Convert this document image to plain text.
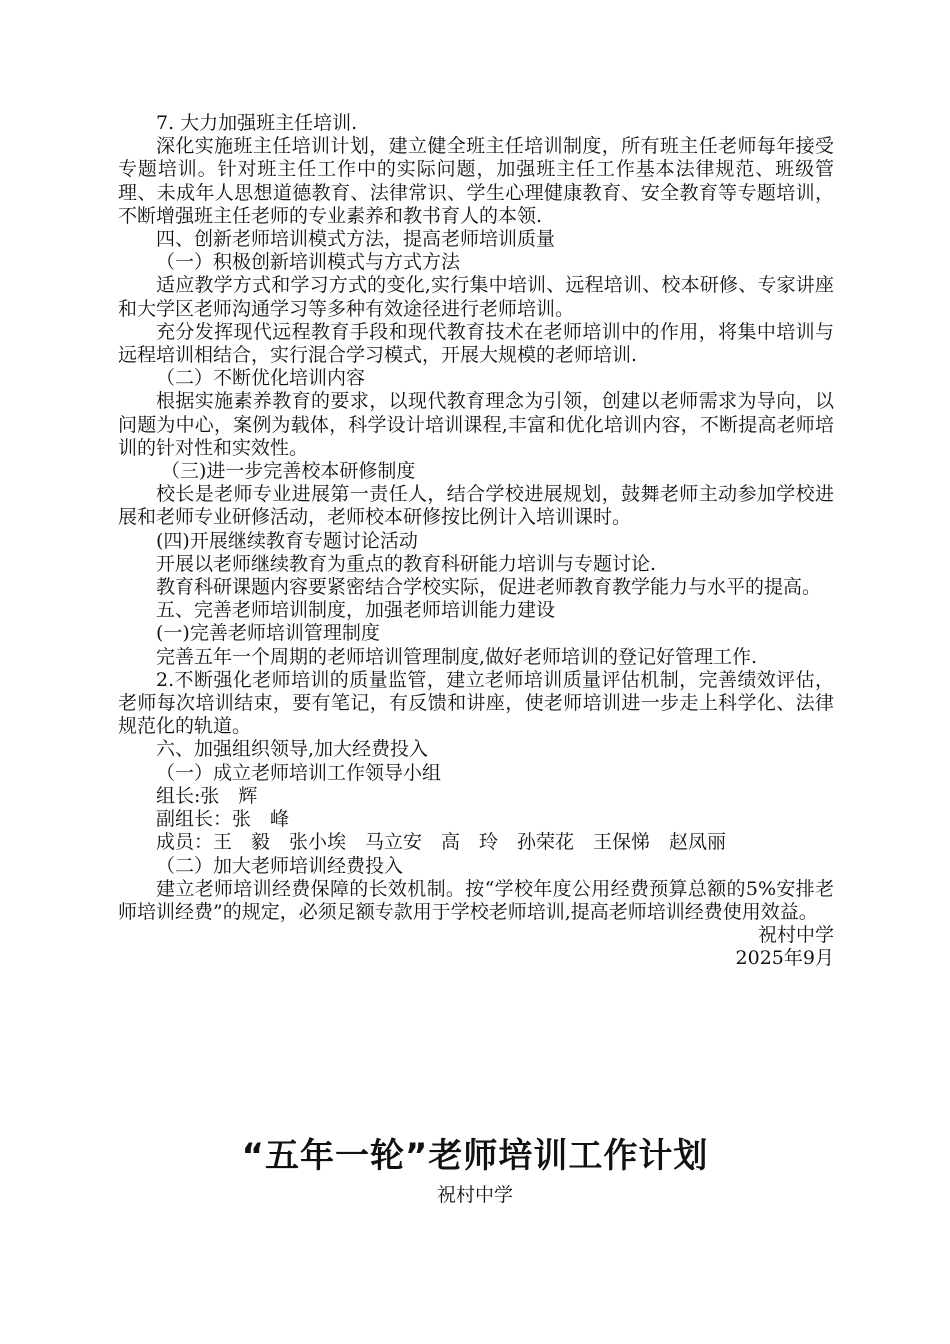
7. 大力加强班主任培训.

深化实施班主任培训计划，建立健全班主任培训制度，所有班主任老师每年接受专题培训。针对班主任工作中的实际问题，加强班主任工作基本法律规范、班级管理、未成年人思想道德教育、法律常识、学生心理健康教育、安全教育等专题培训，不断增强班主任老师的专业素养和教书育人的本领.

四、创新老师培训模式方法，提高老师培训质量

（一）积极创新培训模式与方式方法

适应教学方式和学习方式的变化,实行集中培训、远程培训、校本研修、专家讲座和大学区老师沟通学习等多种有效途径进行老师培训。

充分发挥现代远程教育手段和现代教育技术在老师培训中的作用，将集中培训与远程培训相结合，实行混合学习模式，开展大规模的老师培训.

（二）不断优化培训内容

根据实施素养教育的要求，以现代教育理念为引领，创建以老师需求为导向，以问题为中心，案例为载体，科学设计培训课程,丰富和优化培训内容，不断提高老师培训的针对性和实效性。

（三)进一步完善校本研修制度

校长是老师专业进展第一责任人，结合学校进展规划，鼓舞老师主动参加学校进展和老师专业研修活动，老师校本研修按比例计入培训课时。

(四)开展继续教育专题讨论活动

开展以老师继续教育为重点的教育科研能力培训与专题讨论.

教育科研课题内容要紧密结合学校实际，促进老师教育教学能力与水平的提高。

五、完善老师培训制度，加强老师培训能力建设

(一)完善老师培训管理制度

完善五年一个周期的老师培训管理制度,做好老师培训的登记好管理工作.

2.不断强化老师培训的质量监管，建立老师培训质量评估机制，完善绩效评估，老师每次培训结束，要有笔记，有反馈和讲座，使老师培训进一步走上科学化、法律规范化的轨道。

六、加强组织领导,加大经费投入

（一）成立老师培训工作领导小组

组长:张　辉

副组长：张　峰

成员：王　毅　张小埃　马立安　高　玲　孙荣花　王保悌　赵凤丽

（二）加大老师培训经费投入

建立老师培训经费保障的长效机制。按“学校年度公用经费预算总额的5%安排老师培训经费”的规定，必须足额专款用于学校老师培训,提高老师培训经费使用效益。

祝村中学

2025年9月

“五年一轮”老师培训工作计划

祝村中学
